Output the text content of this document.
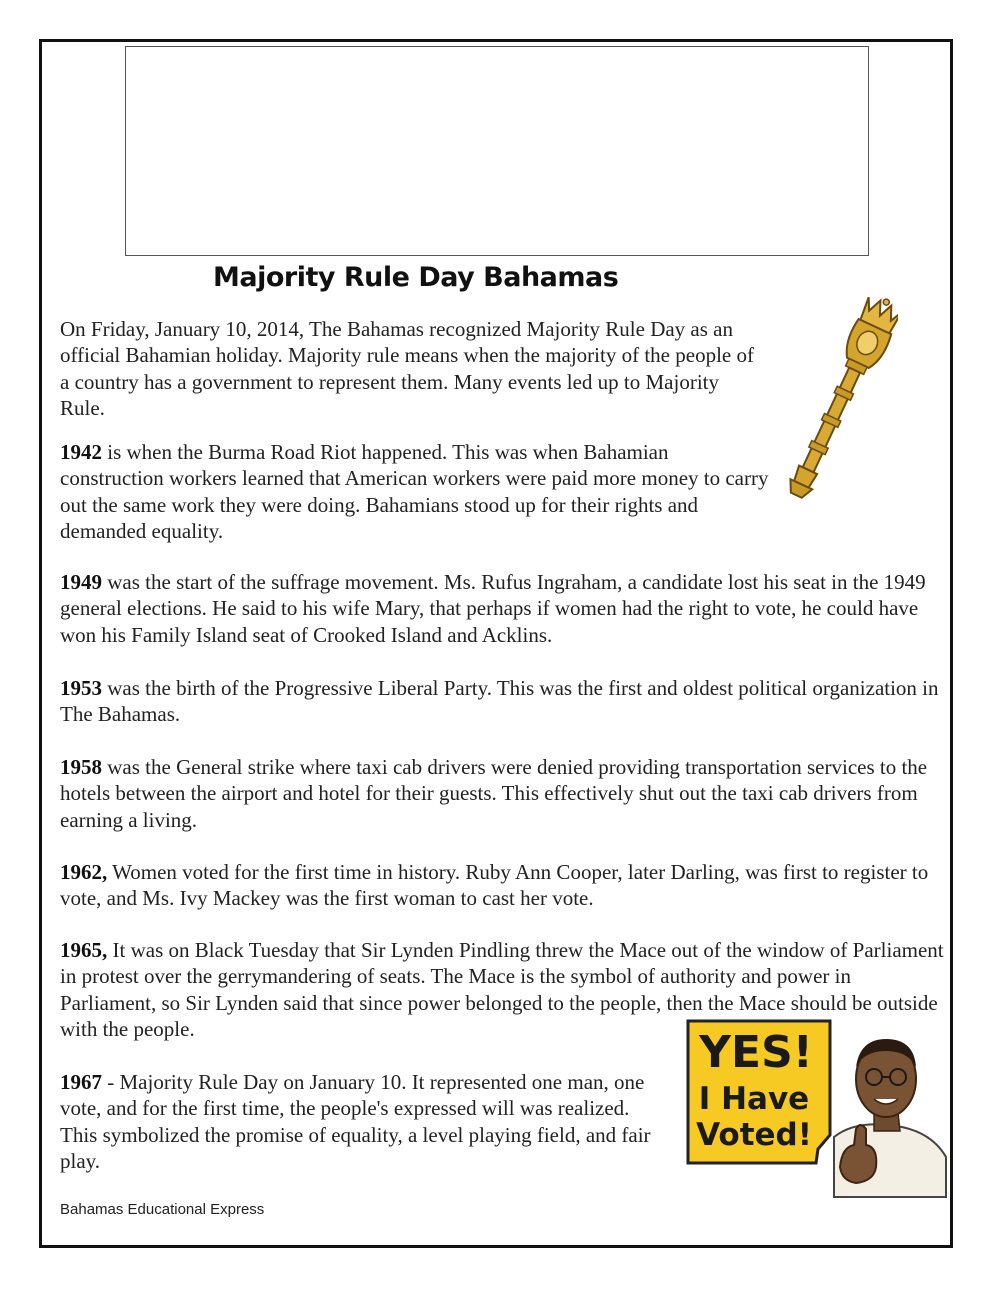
Majority Rule Day Bahamas

On Friday, January 10, 2014, The Bahamas recognized Majority Rule Day as an official Bahamian holiday. Majority rule means when the majority of the people of a country has a government to represent them. Many events led up to Majority Rule.

1942 is when the Burma Road Riot happened. This was when Bahamian construction workers learned that American workers were paid more money to carry out the same work they were doing. Bahamians stood up for their rights and demanded equality.

1949 was the start of the suffrage movement. Ms. Rufus Ingraham, a candidate lost his seat in the 1949 general elections. He said to his wife Mary, that perhaps if women had the right to vote, he could have won his Family Island seat of Crooked Island and Acklins.

1953 was the birth of the Progressive Liberal Party. This was the first and oldest political organization in The Bahamas.

1958 was the General strike where taxi cab drivers were denied providing transportation services to the hotels between the airport and hotel for their guests. This effectively shut out the taxi cab drivers from earning a living.

1962, Women voted for the first time in history. Ruby Ann Cooper, later Darling, was first to register to vote, and Ms. Ivy Mackey was the first woman to cast her vote.

1965, It was on Black Tuesday that Sir Lynden Pindling threw the Mace out of the window of Parliament in protest over the gerrymandering of seats. The Mace is the symbol of authority and power in Parliament, so Sir Lynden said that since power belonged to the people, then the Mace should be outside with the people.

1967 - Majority Rule Day on January 10. It represented one man, one vote, and for the first time, the people's expressed will was realized. This symbolized the promise of equality, a level playing field, and fair play.

Bahamas Educational Express
YES!
I Have
Voted!
